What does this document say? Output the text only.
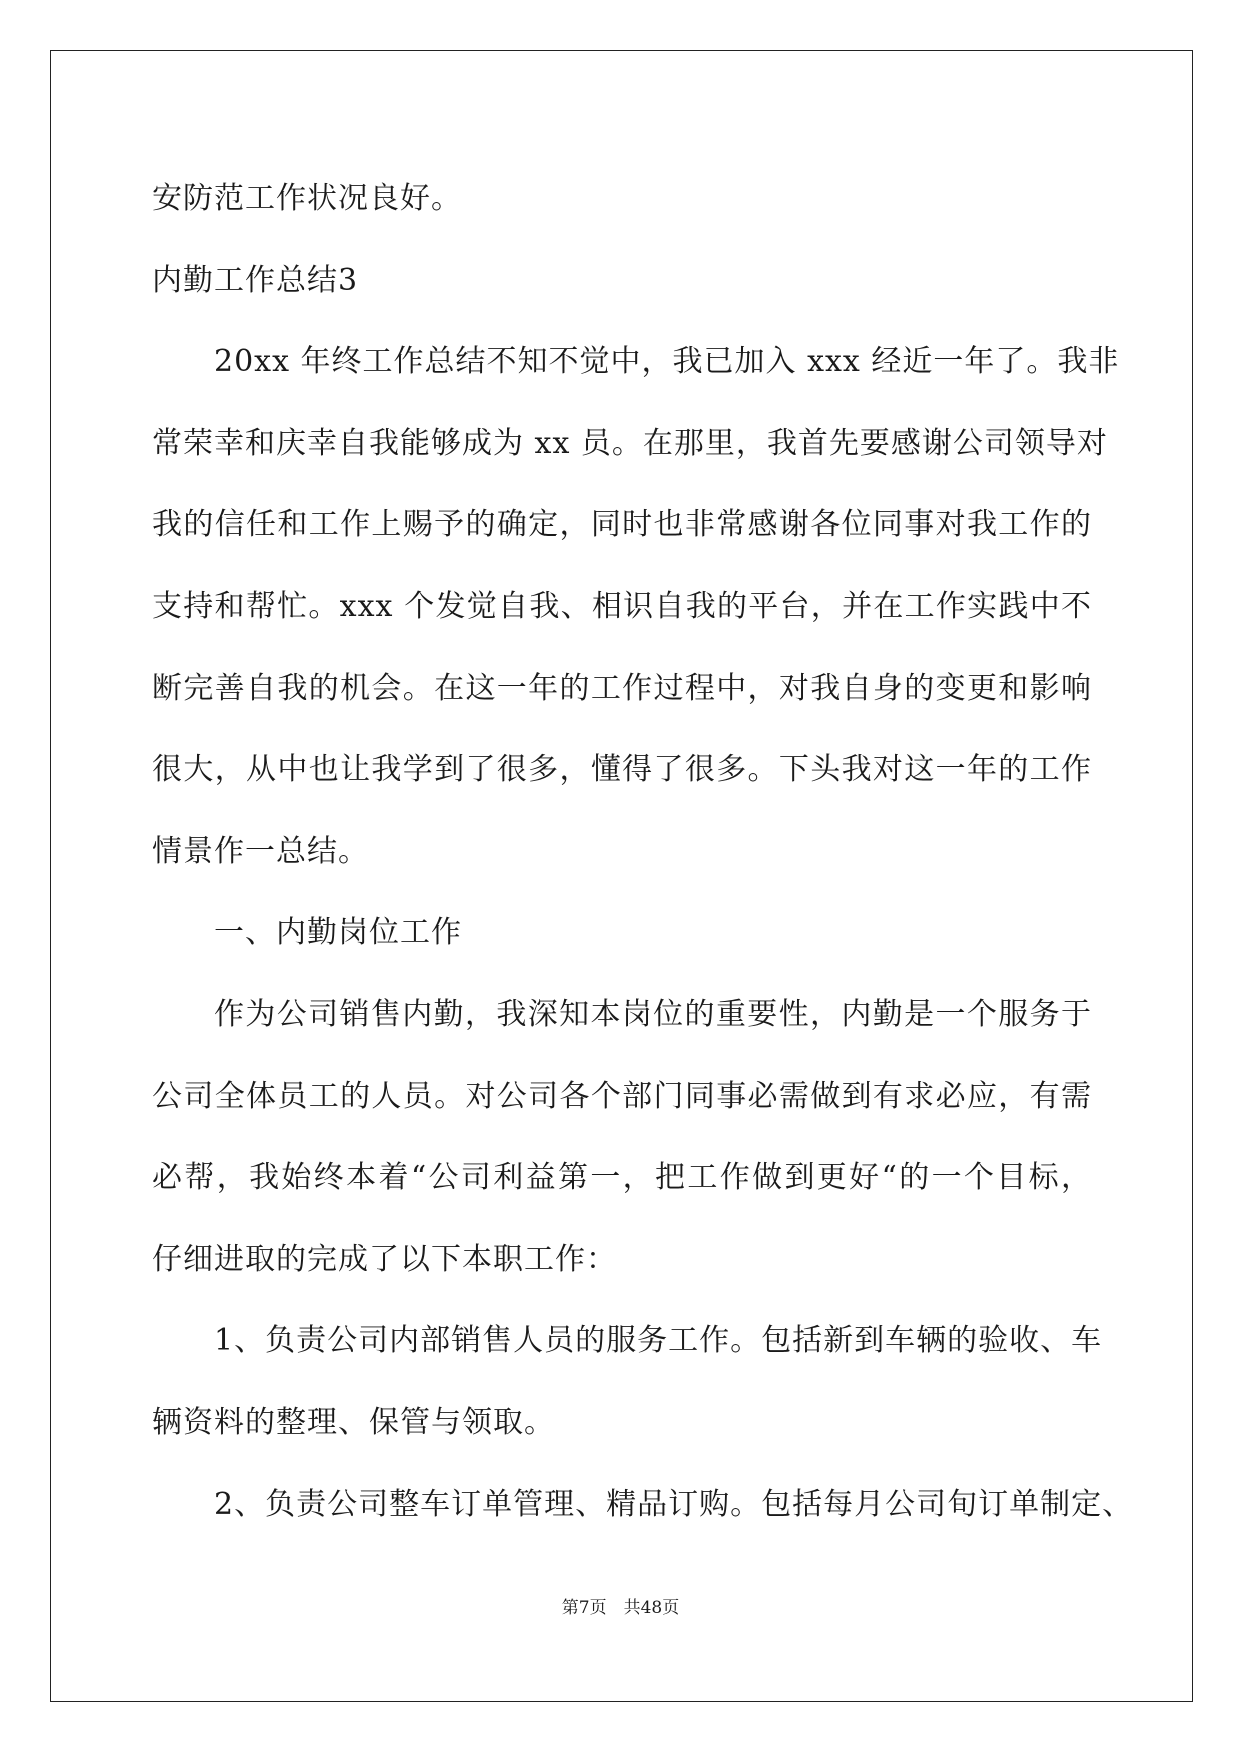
安防范工作状况良好。
内勤工作总结3
20xx 年终工作总结不知不觉中，我已加入 xxx 经近一年了。我非
常荣幸和庆幸自我能够成为 xx 员。在那里，我首先要感谢公司领导对
我的信任和工作上赐予的确定，同时也非常感谢各位同事对我工作的
支持和帮忙。xxx 个发觉自我、相识自我的平台，并在工作实践中不
断完善自我的机会。在这一年的工作过程中，对我自身的变更和影响
很大，从中也让我学到了很多，懂得了很多。下头我对这一年的工作
情景作一总结。
一、内勤岗位工作
作为公司销售内勤，我深知本岗位的重要性，内勤是一个服务于
公司全体员工的人员。对公司各个部门同事必需做到有求必应，有需
必帮，我始终本着“公司利益第一，把工作做到更好“的一个目标，
仔细进取的完成了以下本职工作：
1、负责公司内部销售人员的服务工作。包括新到车辆的验收、车
辆资料的整理、保管与领取。
2、负责公司整车订单管理、精品订购。包括每月公司旬订单制定、
第7页　共48页
